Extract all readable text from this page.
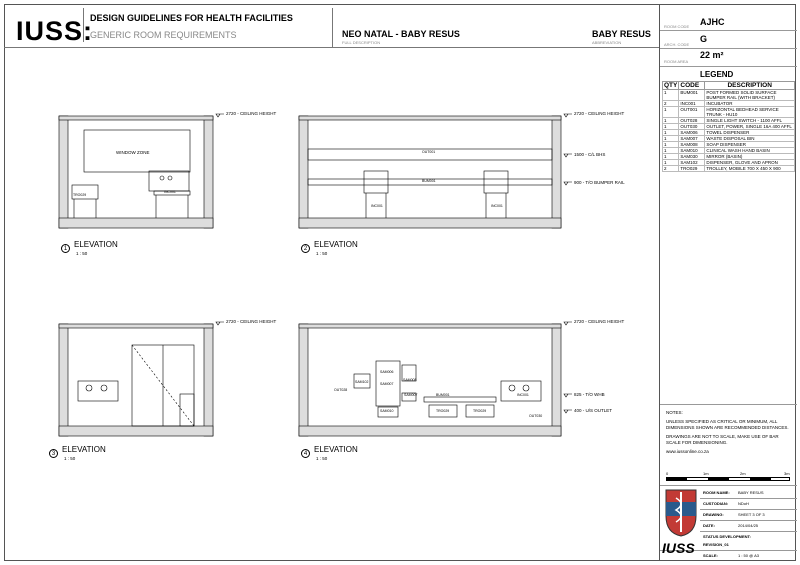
IUSS:
DESIGN GUIDELINES FOR HEALTH FACILITIES
GENERIC ROOM REQUIREMENTS	NEO NATAL - BABY RESUS
FULL DESCRIPTION
BABY RESUS
ABBREVIATION
ROOM CODE AJHC
ARCH. CODE
G
ROOM AREA
22 m²
LEGEND
QTY	CODE	DESCRIPTION
1	BUM001	POST FORMED SOLID SURFACE BUMPER RAIL (WITH BRACKET)
2	INC001	INCUBATOR
1	OUT001	HORIZONTAL BEDHEAD SERVICE TRUNK - HU10
1	OUT028	SINGLE LIGHT SWITCH - 1100 AFFL
1	OUT030	OUTLET, POWER, SINGLE 16A 400 AFFL
1	SAM006	TOWEL DISPENSER
1	SAM007	WASTE DISPOSAL BIN
1	SAM008	SOAP DISPENSER
1	SAM010	CLINICAL WASH HAND BASIN
1	SAM030	MIRROR (BASIN)
1	SAM102	DISPENSER, GLOVE AND APRON
2	TRO029	TROLLEY, MOBILE 700 X 450 X 900

NOTES:

UNLESS SPECIFIED AS CRITICAL OR MINIMUM, ALL DIMENSIONS SHOWN ARE RECOMMENDED DISTANCES.

DRAWINGS ARE NOT TO SCALE, MAKE USE OF BAR SCALE FOR DIMENSIONING.

www.iussonline.co.za

0	1m	2m	3m
ROOM NAME: BABY RESUS
CUSTODIAN: NDoH
DRAWING:	SHEET 3 OF 3
DATE:	2014/04/25
STATUS DEVELOPMENT:
REVISION_01
IUSS SCALE:	1 : 50 @ A3
2720 - CEILING HEIGHT	2720 - CEILING HEIGHT
1500 - C/L BHS
900 - T/O BUMPER RAIL
2720 - CEILING HEIGHT	2720 - CEILING HEIGHT
825 - T/O WHB
400 - U/S OUTLET
WINDOW ZONE
TRO029
INC001
OUT001
BUM001
INC001	INC001
SAM102	SAM007
SAM006
SAM008
SAM007
SAM010
OUT028
BUM001
TRO029	TRO029
INC001
OUT030
1 ELEVATION
1 : 50
2 ELEVATION
1 : 50
3 ELEVATION
1 : 50
4 ELEVATION
1 : 50
